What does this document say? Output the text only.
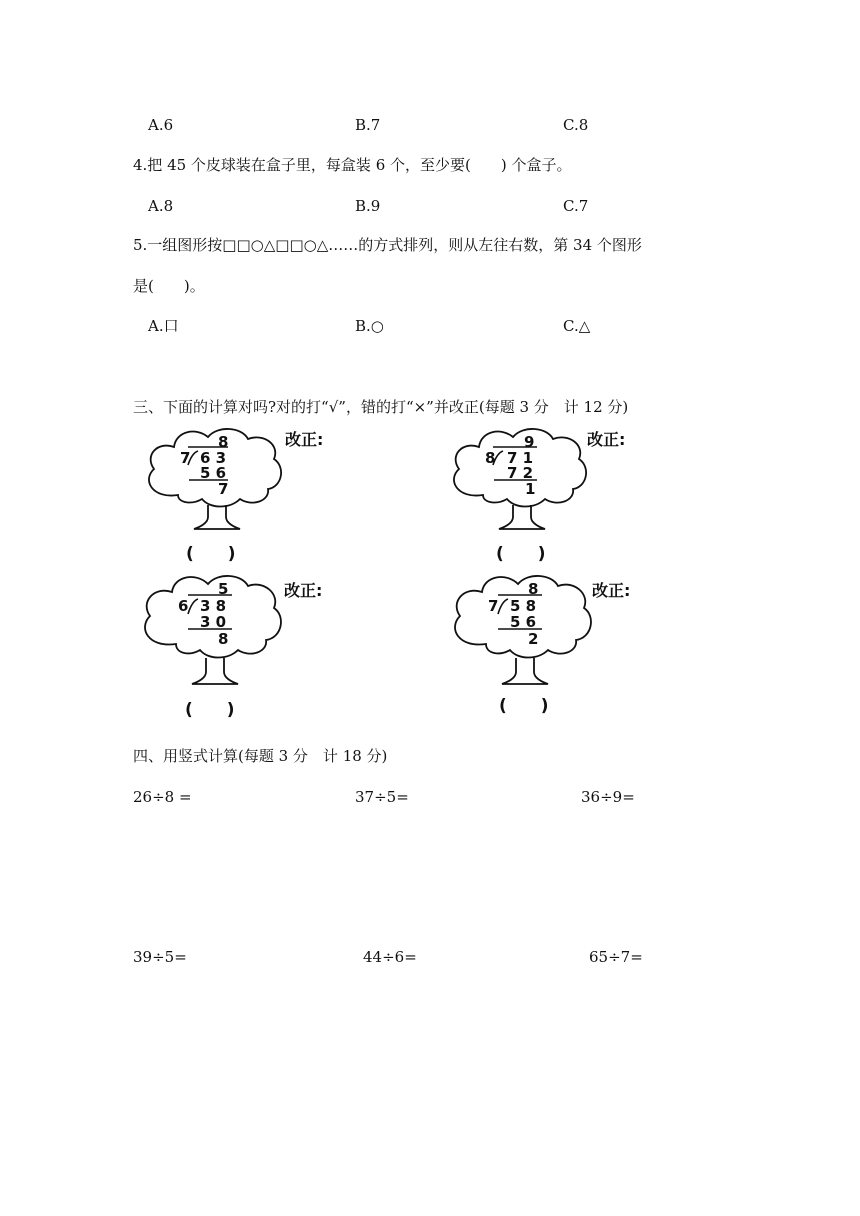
A.6	B.7	C.8
4.把 45 个皮球装在盒子里，每盒装 6 个，至少要(　　) 个盒子。
A.8	B.9	C.7
5.一组图形按□□○△□□○△……的方式排列，则从左往右数，第 34 个图形
是(　　)。
A.口	B.○	C.△
三、下面的计算对吗?对的打“√”，错的打“×”并改正(每题 3 分　计 12 分)
8
7 6 3
5 6
7
改正:
(　　)
9
8 7 1
7 2
1
改正:
(　　)
5
6 3 8
3 0
8
改正:
(　　)
8
7 5 8
5 6
2
改正:
(　　)
四、用竖式计算(每题 3 分　计 18 分)
26÷8 =	37÷5=	36÷9=
39÷5=	44÷6=	65÷7=
